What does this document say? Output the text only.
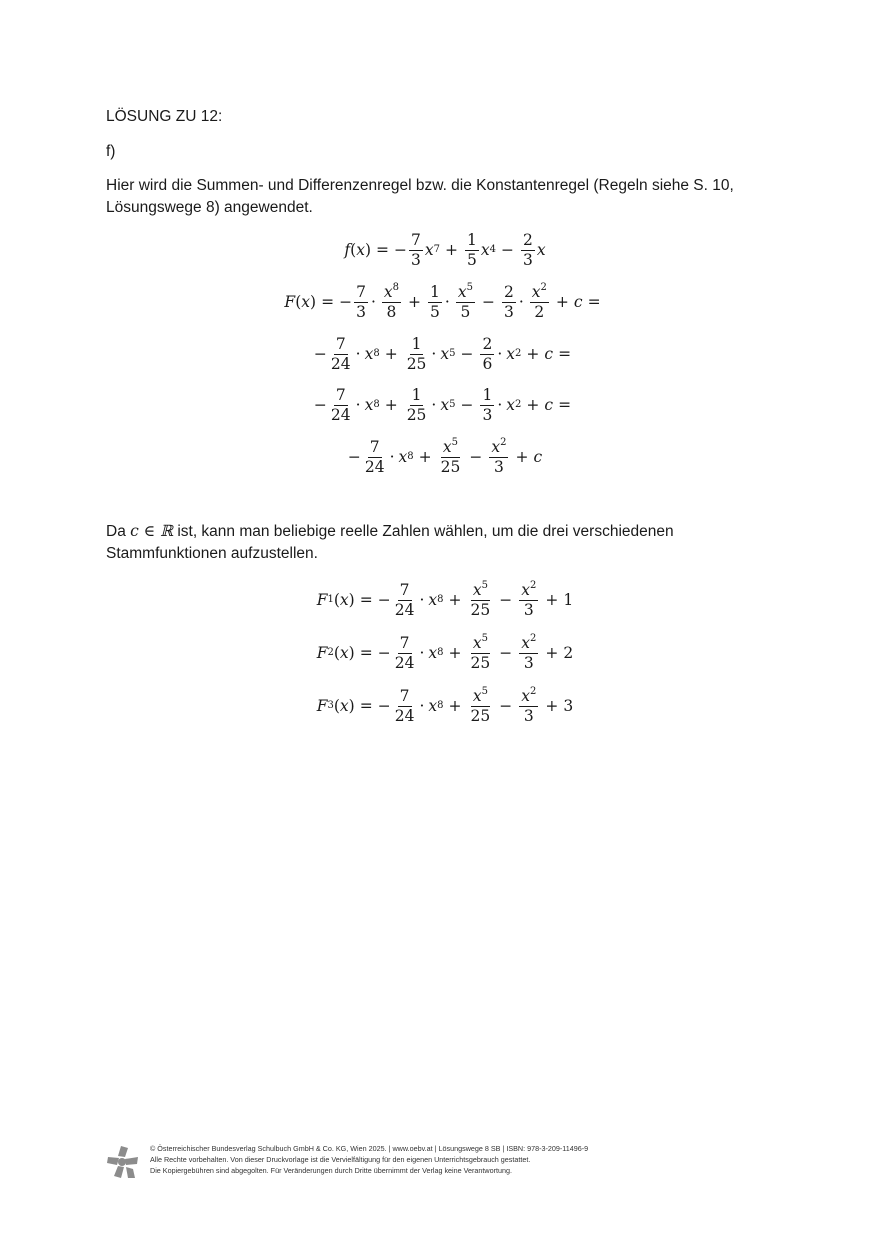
LÖSUNG ZU 12:
f)
Hier wird die Summen- und Differenzenregel bzw. die Konstantenregel (Regeln siehe S. 10, Lösungswege 8) angewendet.
f ( x ) = − $\frac{7}{3}$ x $7 + \frac{1}{5}$ x $4 - \frac{2}{3}$ x
F ( x ) = − $\frac{7}{3} \cdot \frac{x^8}{8} + \frac{1}{5} \cdot \frac{x^5}{5} - \frac{2}{3} \cdot \frac{x^2}{2} + c$ =
− $\frac{7}{24} \cdot x$ $8 + \frac{1}{25} \cdot x$ $5 - \frac{2}{6} \cdot x$ 2 + c =
− $\frac{7}{24} \cdot x$ $8 + \frac{1}{25} \cdot x$ $5 - \frac{1}{3} \cdot x$ 2 + c =
− $\frac{7}{24} \cdot x$ $8 + \frac{x^5}{25} - \frac{x^2}{3} + c$
Da c ∈ ℝ ist, kann man beliebige reelle Zahlen wählen, um die drei verschiedenen Stammfunktionen aufzustellen.
F 1 ( x ) = − $\frac{7}{24} \cdot x$ $8 + \frac{x^5}{25} - \frac{x^2}{3} + 1$
F 2 ( x ) = − $\frac{7}{24} \cdot x$ $8 + \frac{x^5}{25} - \frac{x^2}{3} + 2$
F 3 ( x ) = − $\frac{7}{24} \cdot x$ $8 + \frac{x^5}{25} - \frac{x^2}{3} + 3$
© Österreichischer Bundesverlag Schulbuch GmbH & Co. KG, Wien 2025. | www.oebv.at | Lösungswege 8 SB | ISBN: 978-3-209-11496-9
Alle Rechte vorbehalten. Von dieser Druckvorlage ist die Vervielfältigung für den eigenen Unterrichtsgebrauch gestattet.
Die Kopiergebühren sind abgegolten. Für Veränderungen durch Dritte übernimmt der Verlag keine Verantwortung.
